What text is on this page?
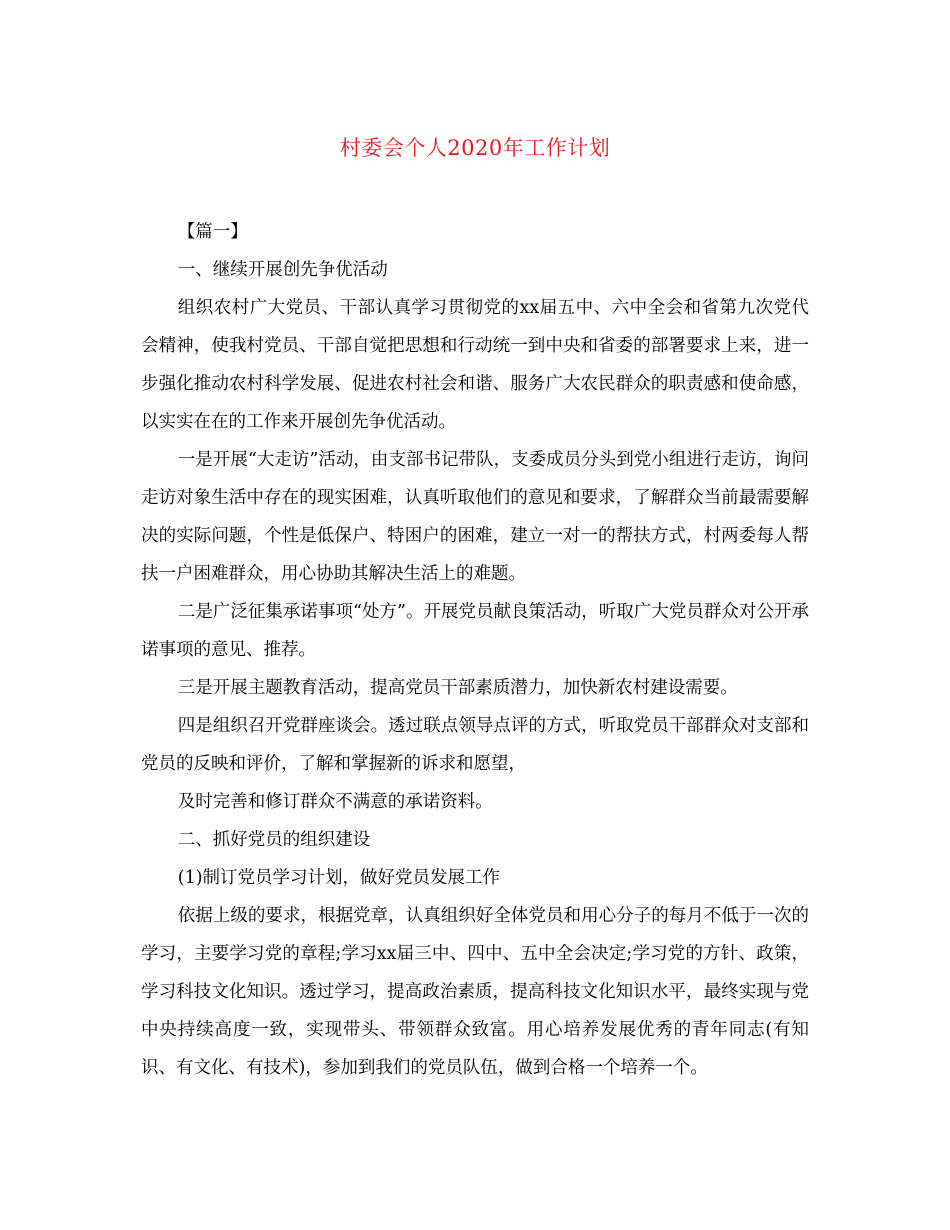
村委会个人2020年工作计划

【篇一】

一、继续开展创先争优活动

组织农村广大党员、干部认真学习贯彻党的xx届五中、六中全会和省第九次党代会精神，使我村党员、干部自觉把思想和行动统一到中央和省委的部署要求上来，进一步强化推动农村科学发展、促进农村社会和谐、服务广大农民群众的职责感和使命感，以实实在在的工作来开展创先争优活动。

一是开展“大走访”活动，由支部书记带队，支委成员分头到党小组进行走访，询问走访对象生活中存在的现实困难，认真听取他们的意见和要求，了解群众当前最需要解决的实际问题，个性是低保户、特困户的困难，建立一对一的帮扶方式，村两委每人帮扶一户困难群众，用心协助其解决生活上的难题。

二是广泛征集承诺事项“处方”。开展党员献良策活动，听取广大党员群众对公开承诺事项的意见、推荐。

三是开展主题教育活动，提高党员干部素质潜力，加快新农村建设需要。

四是组织召开党群座谈会。透过联点领导点评的方式，听取党员干部群众对支部和党员的反映和评价，了解和掌握新的诉求和愿望，

及时完善和修订群众不满意的承诺资料。

二、抓好党员的组织建设

(1)制订党员学习计划，做好党员发展工作

依据上级的要求，根据党章，认真组织好全体党员和用心分子的每月不低于一次的学习，主要学习党的章程;学习xx届三中、四中、五中全会决定;学习党的方针、政策，学习科技文化知识。透过学习，提高政治素质，提高科技文化知识水平，最终实现与党中央持续高度一致，实现带头、带领群众致富。用心培养发展优秀的青年同志(有知识、有文化、有技术)，参加到我们的党员队伍，做到合格一个培养一个。
